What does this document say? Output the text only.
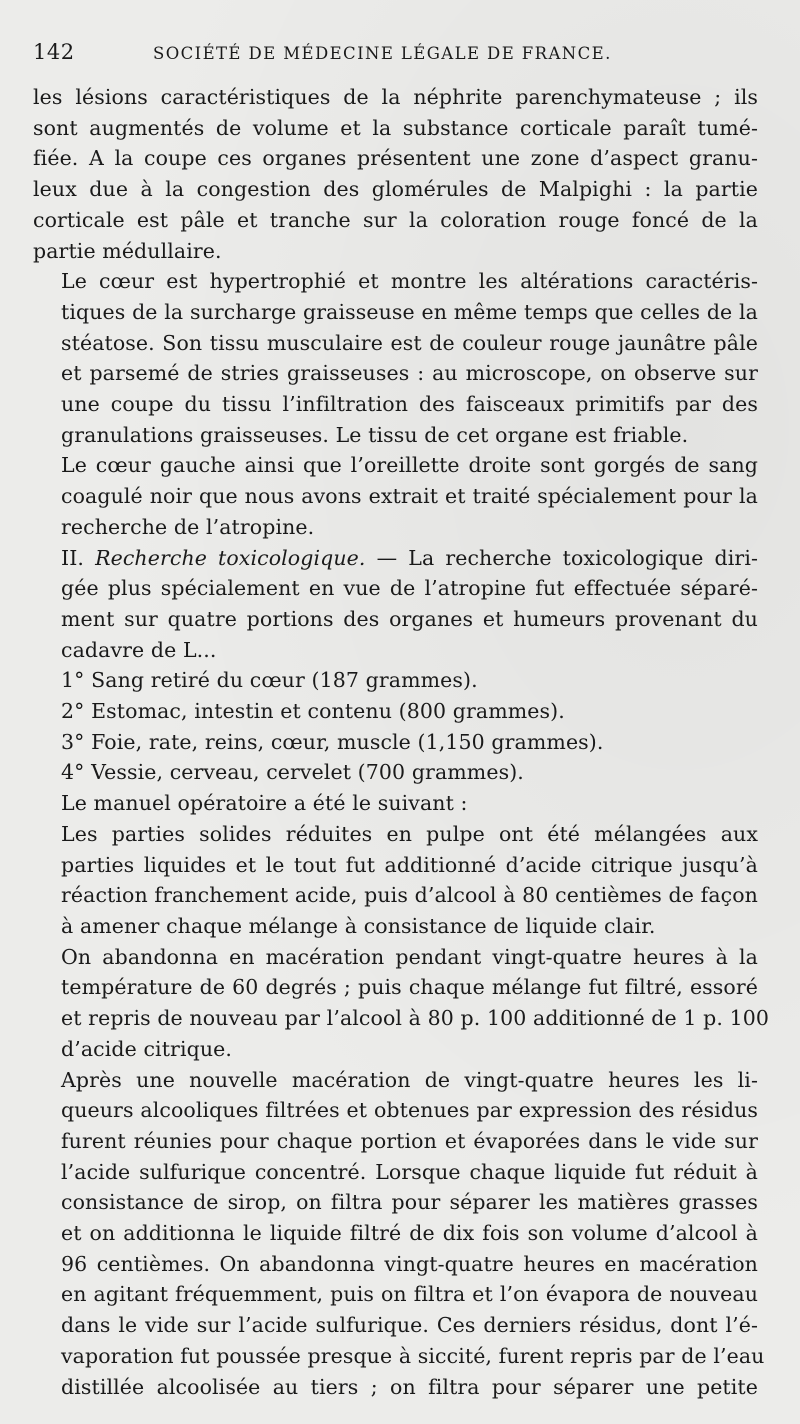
142	SOCIÉTÉ DE MÉDECINE LÉGALE DE FRANCE.

les lésions caractéristiques de la néphrite parenchymateuse ; ils
sont augmentés de volume et la substance corticale paraît tumé-
fiée. A la coupe ces organes présentent une zone d’aspect granu-
leux due à la congestion des glomérules de Malpighi : la partie
corticale est pâle et tranche sur la coloration rouge foncé de la
partie médullaire.

Le cœur est hypertrophié et montre les altérations caractéris-
tiques de la surcharge graisseuse en même temps que celles de la
stéatose. Son tissu musculaire est de couleur rouge jaunâtre pâle
et parsemé de stries graisseuses : au microscope, on observe sur
une coupe du tissu l’infiltration des faisceaux primitifs par des
granulations graisseuses. Le tissu de cet organe est friable.

Le cœur gauche ainsi que l’oreillette droite sont gorgés de sang
coagulé noir que nous avons extrait et traité spécialement pour la
recherche de l’atropine.

II. Recherche toxicologique. — La recherche toxicologique diri-
gée plus spécialement en vue de l’atropine fut effectuée séparé-
ment sur quatre portions des organes et humeurs provenant du
cadavre de L...

1° Sang retiré du cœur (187 grammes).

2° Estomac, intestin et contenu (800 grammes).

3° Foie, rate, reins, cœur, muscle (1,150 grammes).

4° Vessie, cerveau, cervelet (700 grammes).

Le manuel opératoire a été le suivant :

Les parties solides réduites en pulpe ont été mélangées aux
parties liquides et le tout fut additionné d’acide citrique jusqu’à
réaction franchement acide, puis d’alcool à 80 centièmes de façon
à amener chaque mélange à consistance de liquide clair.

On abandonna en macération pendant vingt-quatre heures à la
température de 60 degrés ; puis chaque mélange fut filtré, essoré
et repris de nouveau par l’alcool à 80 p. 100 additionné de 1 p. 100
d’acide citrique.

Après une nouvelle macération de vingt-quatre heures les li-
queurs alcooliques filtrées et obtenues par expression des résidus
furent réunies pour chaque portion et évaporées dans le vide sur
l’acide sulfurique concentré. Lorsque chaque liquide fut réduit à
consistance de sirop, on filtra pour séparer les matières grasses
et on additionna le liquide filtré de dix fois son volume d’alcool à
96 centièmes. On abandonna vingt-quatre heures en macération
en agitant fréquemment, puis on filtra et l’on évapora de nouveau
dans le vide sur l’acide sulfurique. Ces derniers résidus, dont l’é-
vaporation fut poussée presque à siccité, furent repris par de l’eau
distillée alcoolisée au tiers ; on filtra pour séparer une petite
